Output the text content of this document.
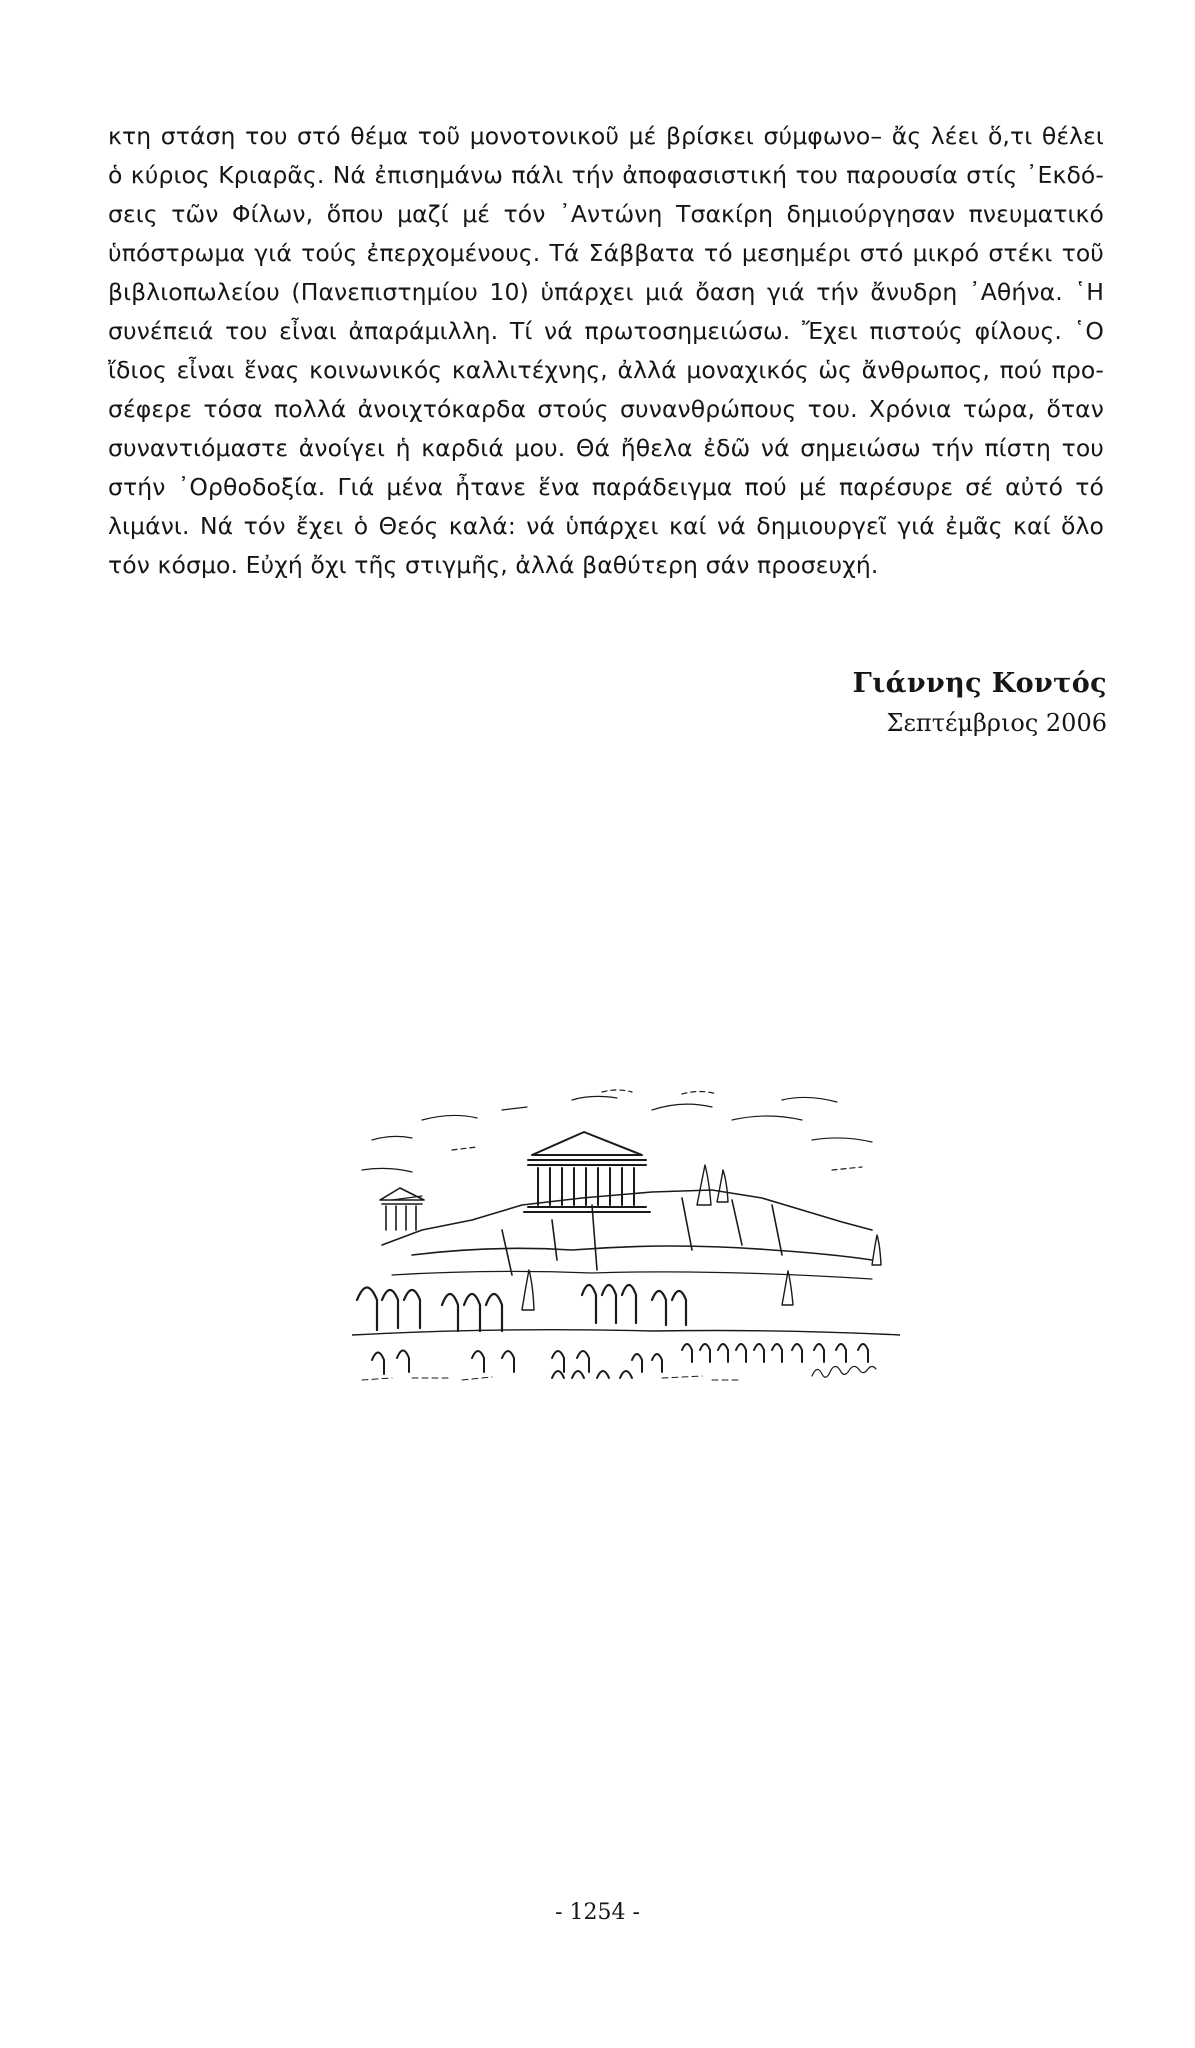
κτη στάση του στό θέμα τοῦ μονοτονικοῦ μέ βρίσκει σύμφωνο– ἄς λέει ὅ,τι θέλει
ὁ κύριος Κριαρᾶς. Νά ἐπισημάνω πάλι τήν ἀποφασιστική του παρουσία στίς ᾿Εκδό-
σεις τῶν Φίλων, ὅπου μαζί μέ τόν ᾿Αντώνη Τσακίρη δημιούργησαν πνευματικό
ὑπόστρωμα γιά τούς ἐπερχομένους. Τά Σάββατα τό μεσημέρι στό μικρό στέκι τοῦ
βιβλιοπωλείου (Πανεπιστημίου 10) ὑπάρχει μιά ὄαση γιά τήν ἄνυδρη ᾿Αθήνα. ῾Η
συνέπειά του εἶναι ἀπαράμιλλη. Τί νά πρωτοσημειώσω. Ἔχει πιστούς φίλους. ῾Ο
ἴδιος εἶναι ἕνας κοινωνικός καλλιτέχνης, ἀλλά μοναχικός ὡς ἄνθρωπος, πού προ-
σέφερε τόσα πολλά ἀνοιχτόκαρδα στούς συνανθρώπους του. Χρόνια τώρα, ὅταν
συναντιόμαστε ἀνοίγει ἡ καρδιά μου. Θά ἤθελα ἐδῶ νά σημειώσω τήν πίστη του
στήν ᾿Ορθοδοξία. Γιά μένα ἦτανε ἕνα παράδειγμα πού μέ παρέσυρε σέ αὐτό τό
λιμάνι. Νά τόν ἔχει ὁ Θεός καλά: νά ὑπάρχει καί νά δημιουργεῖ γιά ἐμᾶς καί ὅλο
τόν κόσμο. Εὐχή ὄχι τῆς στιγμῆς, ἀλλά βαθύτερη σάν προσευχή.
Γιάννης Κοντός
Σεπτέμβριος 2006
- 1254 -
